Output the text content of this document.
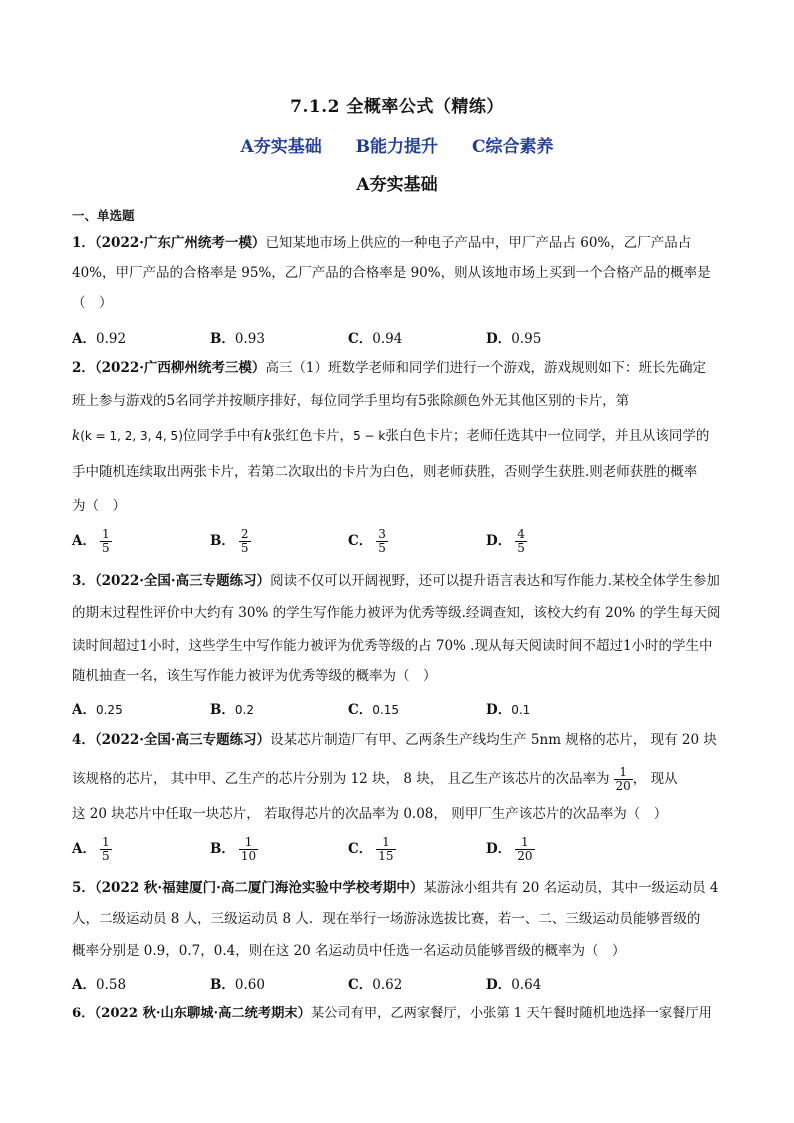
7.1.2 全概率公式（精练）
A夯实基础 B能力提升 C综合素养
A夯实基础
一、单选题
1．（2022·广东广州统考一模）已知某地市场上供应的一种电子产品中，甲厂产品占 60%，乙厂产品占
40%，甲厂产品的合格率是 95%，乙厂产品的合格率是 90%，则从该地市场上买到一个合格产品的概率是
（　）
A．0.92	B．0.93	C．0.94	D．0.95
2．（2022·广西柳州统考三模）高三（1）班数学老师和同学们进行一个游戏，游戏规则如下：班长先确定
班上参与游戏的5名同学并按顺序排好，每位同学手里均有5张除颜色外无其他区别的卡片，第
k(k = 1, 2, 3, 4, 5)位同学手中有k张红色卡片，5 − k张白色卡片；老师任选其中一位同学，并且从该同学的
手中随机连续取出两张卡片，若第二次取出的卡片为白色，则老师获胜，否则学生获胜.则老师获胜的概率
为（　）
A． $\frac{1}{5}$	B． $\frac{2}{5}$	C． $\frac{3}{5}$	D． $\frac{4}{5}$
3．（2022·全国·高三专题练习）阅读不仅可以开阔视野，还可以提升语言表达和写作能力.某校全体学生参加
的期末过程性评价中大约有 30% 的学生写作能力被评为优秀等级.经调查知，该校大约有 20% 的学生每天阅
读时间超过1小时，这些学生中写作能力被评为优秀等级的占 70% .现从每天阅读时间不超过1小时的学生中
随机抽查一名，该生写作能力被评为优秀等级的概率为（　）
A．0.25	B．0.2	C．0.15	D．0.1
4．（2022·全国·高三专题练习）设某芯片制造厂有甲、乙两条生产线均生产 5nm 规格的芯片， 现有 20 块
该规格的芯片， 其中甲、乙生产的芯片分别为 12 块， 8 块， 且乙生产该芯片的次品率为 $\frac{1}{20}$ ， 现从
这 20 块芯片中任取一块芯片， 若取得芯片的次品率为 0.08， 则甲厂生产该芯片的次品率为（　）
A． $\frac{1}{5}$	B． $\frac{1}{10}$	C． $\frac{1}{15}$	D． $\frac{1}{20}$
5．（2022 秋·福建厦门·高二厦门海沧实验中学校考期中）某游泳小组共有 20 名运动员，其中一级运动员 4
人，二级运动员 8 人，三级运动员 8 人．现在举行一场游泳选拔比赛，若一、二、三级运动员能够晋级的
概率分别是 0.9，0.7，0.4，则在这 20 名运动员中任选一名运动员能够晋级的概率为（　）
A．0.58	B．0.60	C．0.62	D．0.64
6．（2022 秋·山东聊城·高二统考期末）某公司有甲，乙两家餐厅，小张第 1 天午餐时随机地选择一家餐厅用
